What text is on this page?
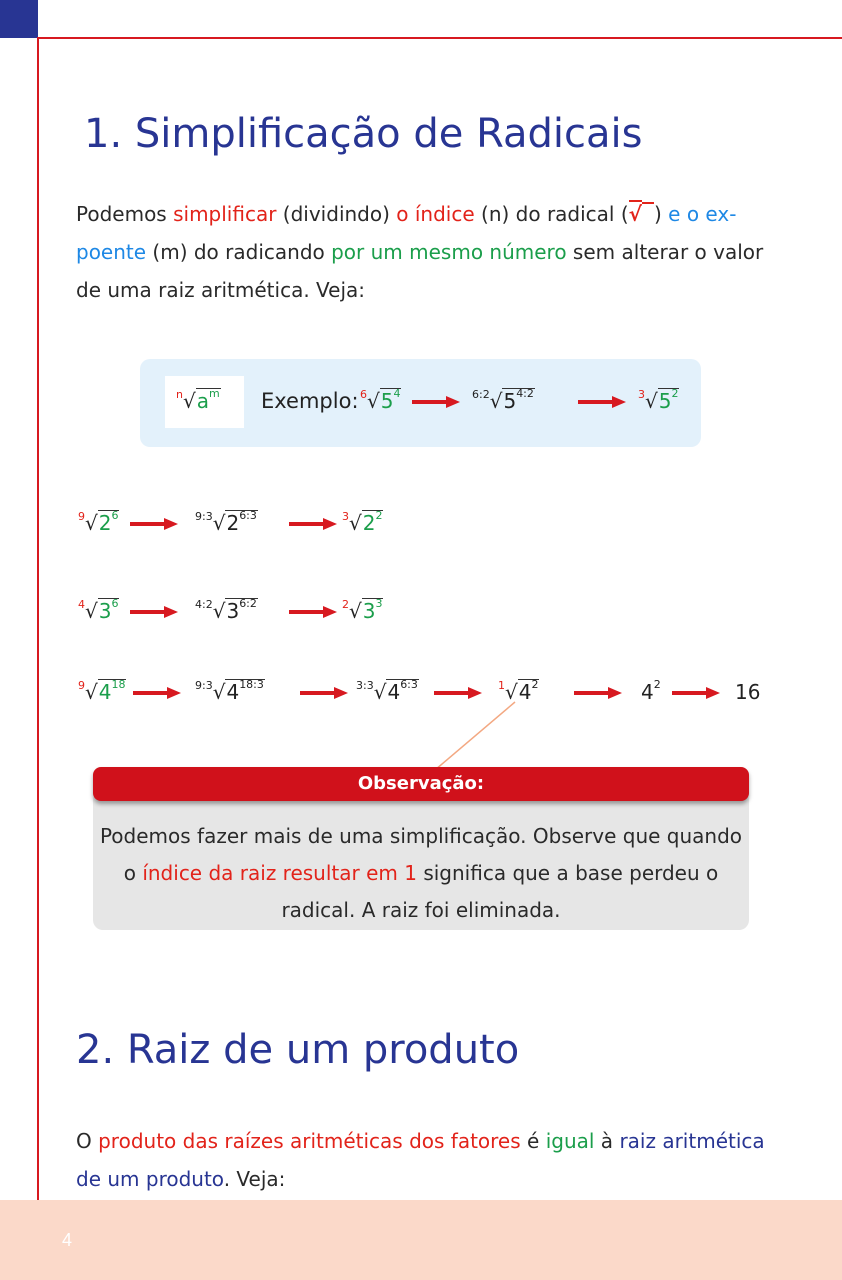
1. Simplificação de Radicais
Podemos simplificar (dividindo) o índice (n) do radical (√ ) e o ex-
poente (m) do radicando por um mesmo número sem alterar o valor
de uma raiz aritmética. Veja:
$^n√a^m$ Exemplo: $^6√5^4$	$^{6:2}√5^{4:2}$	$^3√5^2$
$^9√2^6$	$^{9:3}√2^{6:3}$	$^3√2^2$
$^4√3^6$	$^{4:2}√3^{6:2}$	$^2√3^3$
$^9√4^{18}$	$^{9:3}√4^{18:3}$	$^{3:3}√4^{6:3}$	$^1√4^2$	$4^2$	16
Observação:
Podemos fazer mais de uma simplificação. Observe que quando
o índice da raiz resultar em 1 significa que a base perdeu o
radical. A raiz foi eliminada.
2. Raiz de um produto
O produto das raízes aritméticas dos fatores é igual à raiz aritmética
de um produto. Veja:
4
